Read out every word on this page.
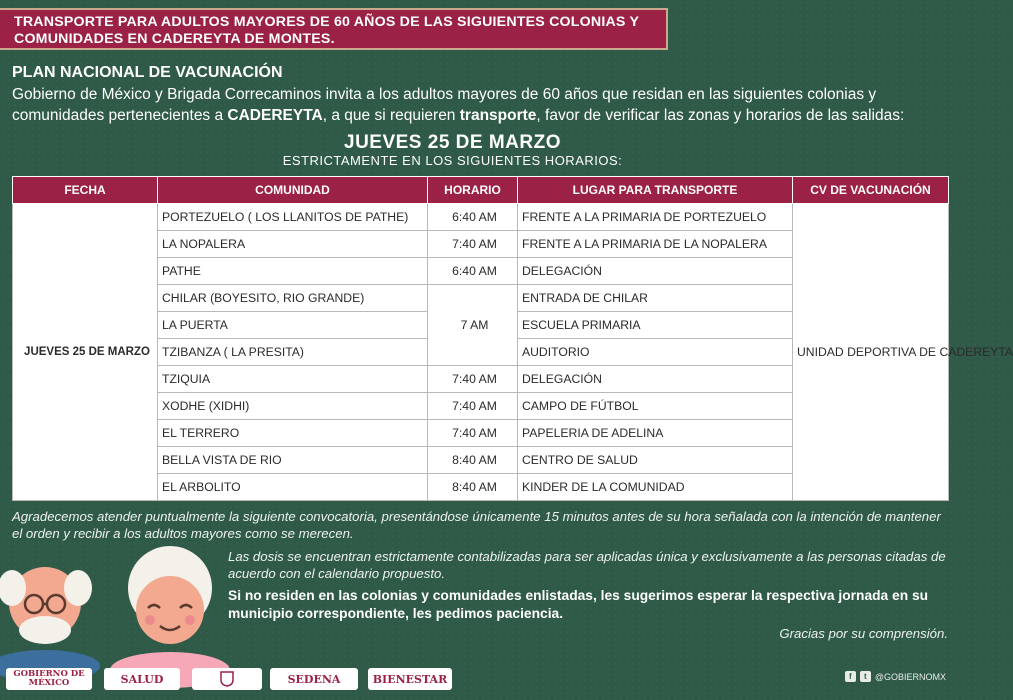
TRANSPORTE PARA ADULTOS MAYORES DE 60 AÑOS DE LAS SIGUIENTES COLONIAS Y
COMUNIDADES EN CADEREYTA DE MONTES.
PLAN NACIONAL DE VACUNACIÓN
Gobierno de México y Brigada Correcaminos invita a los adultos mayores de 60 años que residan en las siguientes colonias y comunidades pertenecientes a CADEREYTA, a que si requieren transporte, favor de verificar las zonas y horarios de las salidas:
JUEVES 25 DE MARZO
ESTRICTAMENTE EN LOS SIGUIENTES HORARIOS:
FECHA	COMUNIDAD	HORARIO	LUGAR PARA TRANSPORTE	CV DE VACUNACIÓN
JUEVES 25 DE MARZO	PORTEZUELO ( LOS LLANITOS DE PATHE)	6:40 AM	FRENTE A LA PRIMARIA DE PORTEZUELO	UNIDAD DEPORTIVA DE CADEREYTA
	LA NOPALERA	7:40 AM	FRENTE A LA PRIMARIA DE LA NOPALERA	
	PATHE	6:40 AM	DELEGACIÓN	
	CHILAR (BOYESITO, RIO GRANDE)	7 AM	ENTRADA DE CHILAR	
	LA PUERTA		ESCUELA PRIMARIA	
	TZIBANZA ( LA PRESITA)		AUDITORIO	
	TZIQUIA	7:40 AM	DELEGACIÓN	
	XODHE (XIDHI)	7:40 AM	CAMPO DE FÚTBOL	
	EL TERRERO	7:40 AM	PAPELERIA DE ADELINA	
	BELLA VISTA DE RIO	8:40 AM	CENTRO DE SALUD	
	EL ARBOLITO	8:40 AM	KINDER DE LA COMUNIDAD	
Agradecemos atender puntualmente la siguiente convocatoria, presentándose únicamente 15 minutos antes de su hora señalada con la intención de mantener el orden y recibir a los adultos mayores como se merecen.
Las dosis se encuentran estrictamente contabilizadas para ser aplicadas única y exclusivamente a las personas citadas de acuerdo con el calendario propuesto.
Si no residen en las colonias y comunidades enlistadas, les sugerimos esperar la respectiva jornada en su municipio correspondiente, les pedimos paciencia.
Gracias por su comprensión.
GOBIERNO DE MÉXICO	SALUD	SEDENA	BIENESTAR	f	t @GOBIERNOMX
